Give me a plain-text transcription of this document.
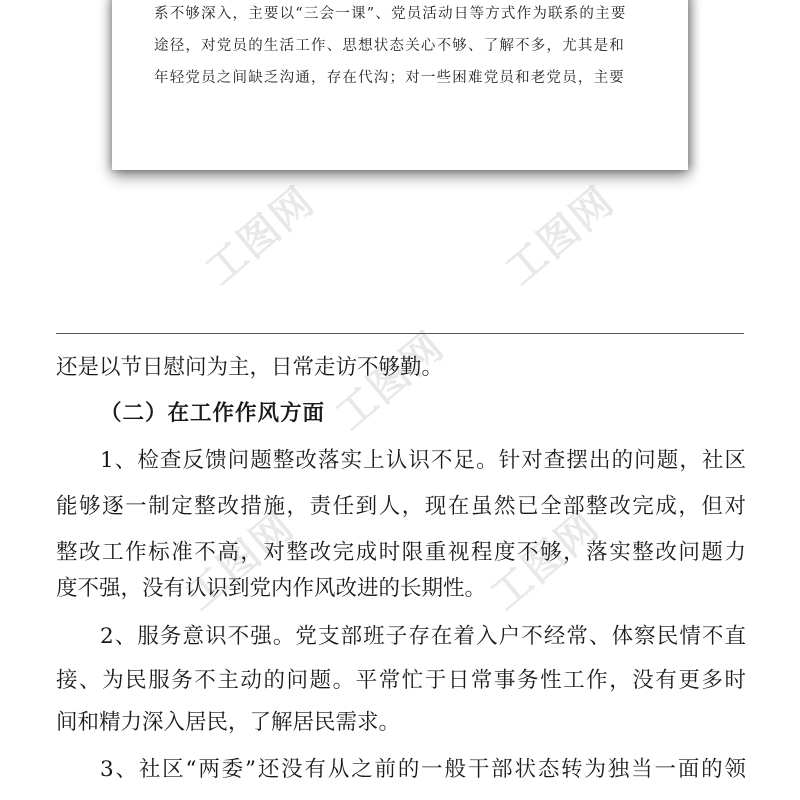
工图网	工图网
工图网
工图网	工图网
系不够深入，主要以“三会一课”、党员活动日等方式作为联系的主要
途径，对党员的生活工作、思想状态关心不够、了解不多，尤其是和
年轻党员之间缺乏沟通，存在代沟；对一些困难党员和老党员，主要
还是以节日慰问为主，日常走访不够勤。
（二）在工作作风方面
1、检查反馈问题整改落实上认识不足。针对查摆出的问题，社区
能够逐一制定整改措施，责任到人，现在虽然已全部整改完成，但对
整改工作标准不高，对整改完成时限重视程度不够，落实整改问题力
度不强，没有认识到党内作风改进的长期性。
2、服务意识不强。党支部班子存在着入户不经常、体察民情不直
接、为民服务不主动的问题。平常忙于日常事务性工作，没有更多时
间和精力深入居民，了解居民需求。
3、社区“两委”还没有从之前的一般干部状态转为独当一面的领
